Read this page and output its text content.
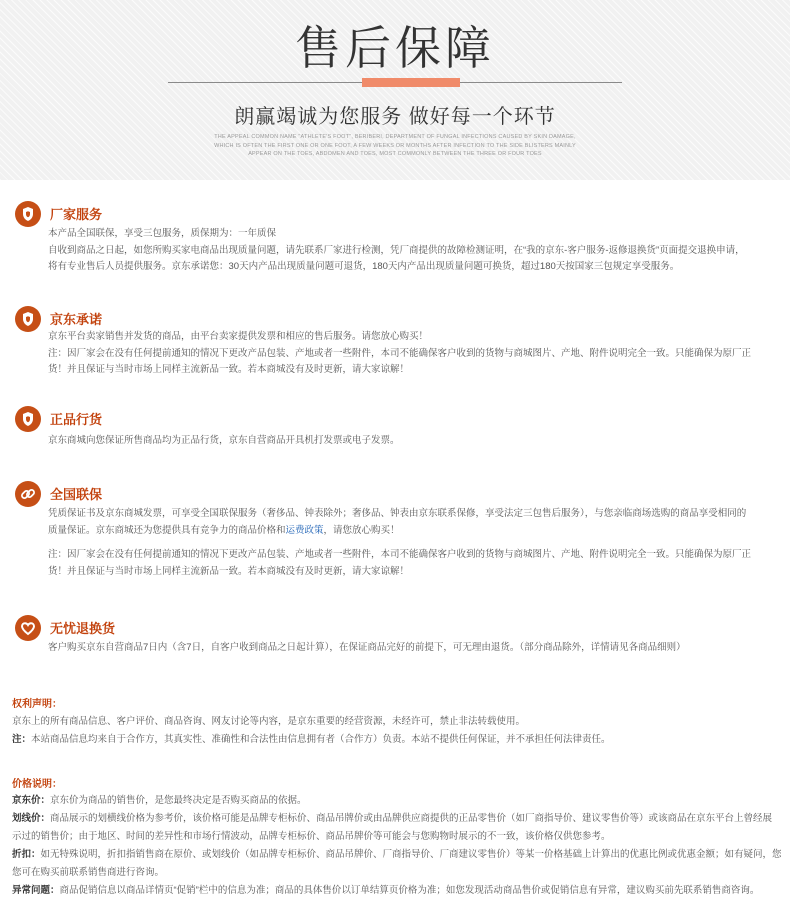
售后保障
朗赢竭诚为您服务 做好每一个环节
THE APPEAL COMMON NAME "ATHLETE'S FOOT", BERIBERI, DEPARTMENT OF FUNGAL INFECTIONS CAUSED BY SKIN DAMAGE, WHICH IS OFTEN THE FIRST ONE OR ONE FOOT, A FEW WEEKS OR MONTHS AFTER INFECTION TO THE SIDE BLISTERS MAINLY APPEAR ON THE TOES, ABDOMEN AND TOES, MOST COMMONLY BETWEEN THE THREE OR FOUR TOES
厂家服务

本产品全国联保，享受三包服务，质保期为：一年质保

自收到商品之日起，如您所购买家电商品出现质量问题，请先联系厂家进行检测，凭厂商提供的故障检测证明，在“我的京东-客户服务-返修退换货”页面提交退换申请，

将有专业售后人员提供服务。京东承诺您：30天内产品出现质量问题可退货，180天内产品出现质量问题可换货，超过180天按国家三包规定享受服务。

京东承诺

京东平台卖家销售并发货的商品，由平台卖家提供发票和相应的售后服务。请您放心购买！

注：因厂家会在没有任何提前通知的情况下更改产品包装、产地或者一些附件，本司不能确保客户收到的货物与商城图片、产地、附件说明完全一致。只能确保为原厂正

货！并且保证与当时市场上同样主流新品一致。若本商城没有及时更新，请大家谅解！

正品行货

京东商城向您保证所售商品均为正品行货，京东自营商品开具机打发票或电子发票。

全国联保

凭质保证书及京东商城发票，可享受全国联保服务（奢侈品、钟表除外；奢侈品、钟表由京东联系保修，享受法定三包售后服务），与您亲临商场选购的商品享受相同的

质量保证。京东商城还为您提供具有竞争力的商品价格和运费政策，请您放心购买！

注：因厂家会在没有任何提前通知的情况下更改产品包装、产地或者一些附件，本司不能确保客户收到的货物与商城图片、产地、附件说明完全一致。只能确保为原厂正

货！并且保证与当时市场上同样主流新品一致。若本商城没有及时更新，请大家谅解！

无忧退换货

客户购买京东自营商品7日内（含7日，自客户收到商品之日起计算），在保证商品完好的前提下，可无理由退货。（部分商品除外，详情请见各商品细则）

权利声明：

京东上的所有商品信息、客户评价、商品咨询、网友讨论等内容，是京东重要的经营资源，未经许可，禁止非法转载使用。

注：本站商品信息均来自于合作方，其真实性、准确性和合法性由信息拥有者（合作方）负责。本站不提供任何保证，并不承担任何法律责任。

价格说明：

京东价：京东价为商品的销售价，是您最终决定是否购买商品的依据。

划线价：商品展示的划横线价格为参考价，该价格可能是品牌专柜标价、商品吊牌价或由品牌供应商提供的正品零售价（如厂商指导价、建议零售价等）或该商品在京东平台上曾经展

示过的销售价；由于地区、时间的差异性和市场行情波动，品牌专柜标价、商品吊牌价等可能会与您购物时展示的不一致，该价格仅供您参考。

折扣：如无特殊说明，折扣指销售商在原价、或划线价（如品牌专柜标价、商品吊牌价、厂商指导价、厂商建议零售价）等某一价格基础上计算出的优惠比例或优惠金额；如有疑问，您

您可在购买前联系销售商进行咨询。

异常问题：商品促销信息以商品详情页“促销”栏中的信息为准；商品的具体售价以订单结算页价格为准；如您发现活动商品售价或促销信息有异常，建议购买前先联系销售商咨询。
